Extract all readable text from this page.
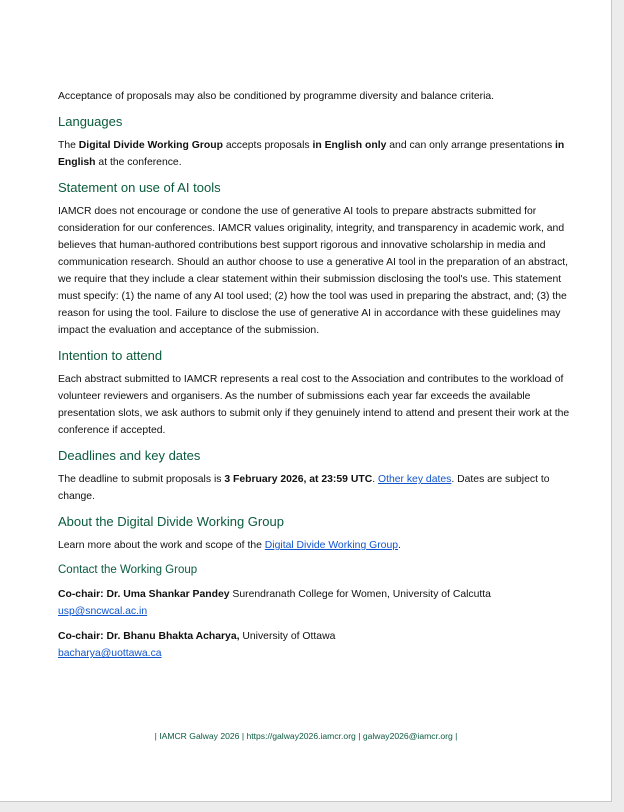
Acceptance of proposals may also be conditioned by programme diversity and balance criteria.

Languages

The Digital Divide Working Group accepts proposals in English only and can only arrange presentations in English at the conference.

Statement on use of AI tools

IAMCR does not encourage or condone the use of generative AI tools to prepare abstracts submitted for consideration for our conferences. IAMCR values originality, integrity, and transparency in academic work, and believes that human-authored contributions best support rigorous and innovative scholarship in media and communication research. Should an author choose to use a generative AI tool in the preparation of an abstract, we require that they include a clear statement within their submission disclosing the tool's use. This statement must specify: (1) the name of any AI tool used; (2) how the tool was used in preparing the abstract, and; (3) the reason for using the tool. Failure to disclose the use of generative AI in accordance with these guidelines may impact the evaluation and acceptance of the submission.

Intention to attend

Each abstract submitted to IAMCR represents a real cost to the Association and contributes to the workload of volunteer reviewers and organisers. As the number of submissions each year far exceeds the available presentation slots, we ask authors to submit only if they genuinely intend to attend and present their work at the conference if accepted.

Deadlines and key dates

The deadline to submit proposals is 3 February 2026, at 23:59 UTC. Other key dates. Dates are subject to change.

About the Digital Divide Working Group

Learn more about the work and scope of the Digital Divide Working Group.

Contact the Working Group

Co-chair: Dr. Uma Shankar Pandey Surendranath College for Women, University of Calcutta

usp@sncwcal.ac.in

Co-chair: Dr. Bhanu Bhakta Acharya, University of Ottawa

bacharya@uottawa.ca

| IAMCR Galway 2026 | https://galway2026.iamcr.org | galway2026@iamcr.org |
